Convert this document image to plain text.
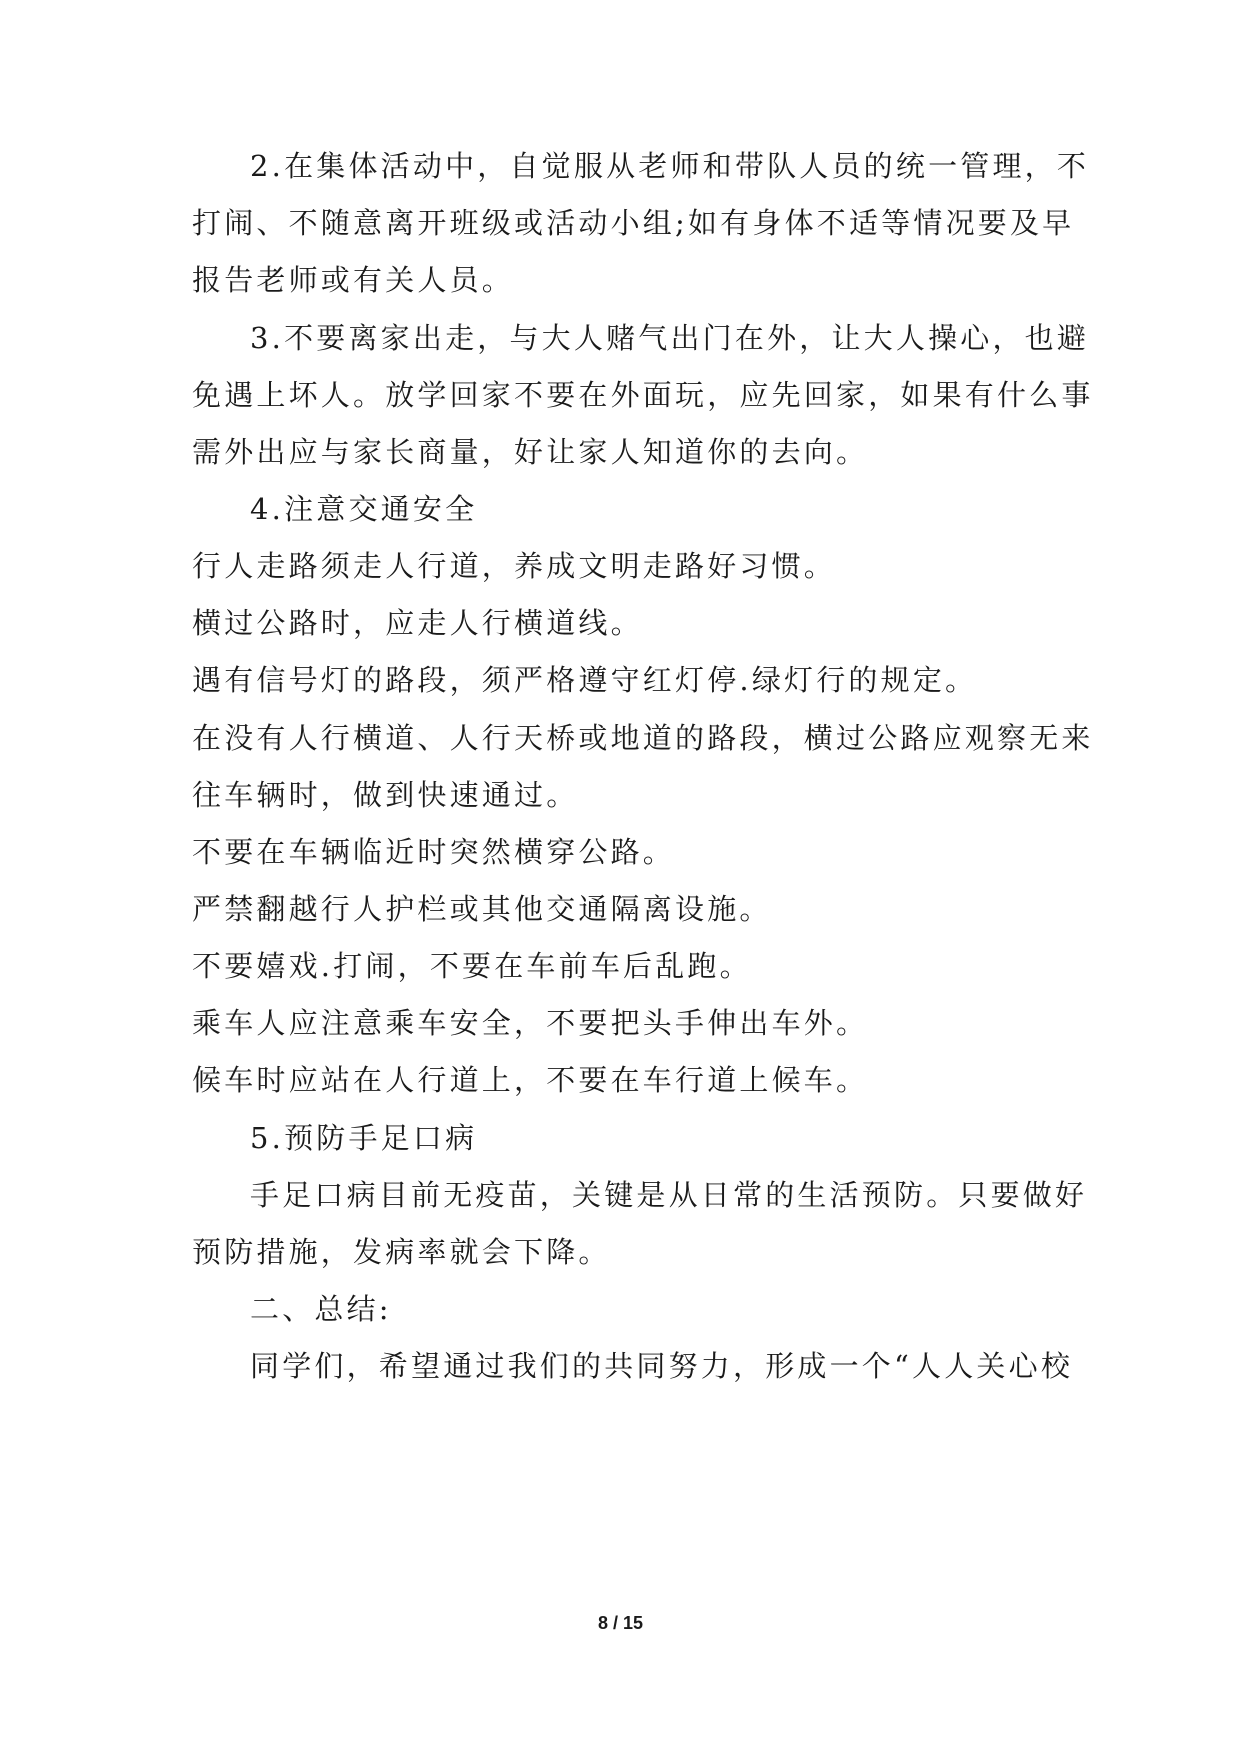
2.在集体活动中，自觉服从老师和带队人员的统一管理，不
打闹、不随意离开班级或活动小组;如有身体不适等情况要及早
报告老师或有关人员。
3.不要离家出走，与大人赌气出门在外，让大人操心，也避
免遇上坏人。放学回家不要在外面玩，应先回家，如果有什么事
需外出应与家长商量，好让家人知道你的去向。
4.注意交通安全
行人走路须走人行道，养成文明走路好习惯。
横过公路时，应走人行横道线。
遇有信号灯的路段，须严格遵守红灯停.绿灯行的规定。
在没有人行横道、人行天桥或地道的路段，横过公路应观察无来
往车辆时，做到快速通过。
不要在车辆临近时突然横穿公路。
严禁翻越行人护栏或其他交通隔离设施。
不要嬉戏.打闹，不要在车前车后乱跑。
乘车人应注意乘车安全，不要把头手伸出车外。
候车时应站在人行道上，不要在车行道上候车。
5.预防手足口病
手足口病目前无疫苗，关键是从日常的生活预防。只要做好
预防措施，发病率就会下降。
二、总结:
同学们，希望通过我们的共同努力，形成一个“人人关心校
8 / 15
